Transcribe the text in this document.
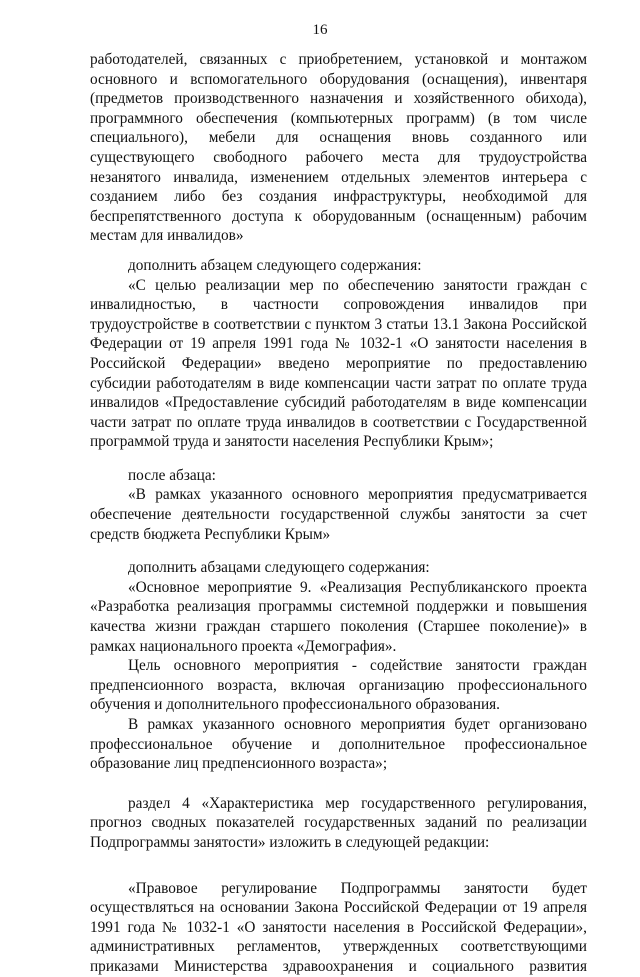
16

работодателей, связанных с приобретением, установкой и монтажом основного и вспомогательного оборудования (оснащения), инвентаря (предметов производственного назначения и хозяйственного обихода), программного обеспечения (компьютерных программ) (в том числе специального), мебели для оснащения вновь созданного или существующего свободного рабочего места для трудоустройства незанятого инвалида, изменением отдельных элементов интерьера с созданием либо без создания инфраструктуры, необходимой для беспрепятственного доступа к оборудованным (оснащенным) рабочим местам для инвалидов»

дополнить абзацем следующего содержания:

«С целью реализации мер по обеспечению занятости граждан с инвалидностью, в частности сопровождения инвалидов при трудоустройстве в соответствии с пунктом 3 статьи 13.1 Закона Российской Федерации от 19 апреля 1991 года № 1032-1 «О занятости населения в Российской Федерации» введено мероприятие по предоставлению субсидии работодателям в виде компенсации части затрат по оплате труда инвалидов «Предоставление субсидий работодателям в виде компенсации части затрат по оплате труда инвалидов в соответствии с Государственной программой труда и занятости населения Республики Крым»;

после абзаца:

«В рамках указанного основного мероприятия предусматривается обеспечение деятельности государственной службы занятости за счет средств бюджета Республики Крым»

дополнить абзацами следующего содержания:

«Основное мероприятие 9. «Реализация Республиканского проекта «Разработка реализация программы системной поддержки и повышения качества жизни граждан старшего поколения (Старшее поколение)» в рамках национального проекта «Демография».

Цель основного мероприятия - содействие занятости граждан предпенсионного возраста, включая организацию профессионального обучения и дополнительного профессионального образования.

В рамках указанного основного мероприятия будет организовано профессиональное обучение и дополнительное профессиональное образование лиц предпенсионного возраста»;

раздел 4 «Характеристика мер государственного регулирования, прогноз сводных показателей государственных заданий по реализации Подпрограммы занятости» изложить в следующей редакции:

«Правовое регулирование Подпрограммы занятости будет осуществляться на основании Закона Российской Федерации от 19 апреля 1991 года № 1032-1 «О занятости населения в Российской Федерации», административных регламентов, утвержденных соответствующими приказами Министерства здравоохранения и социального развития
